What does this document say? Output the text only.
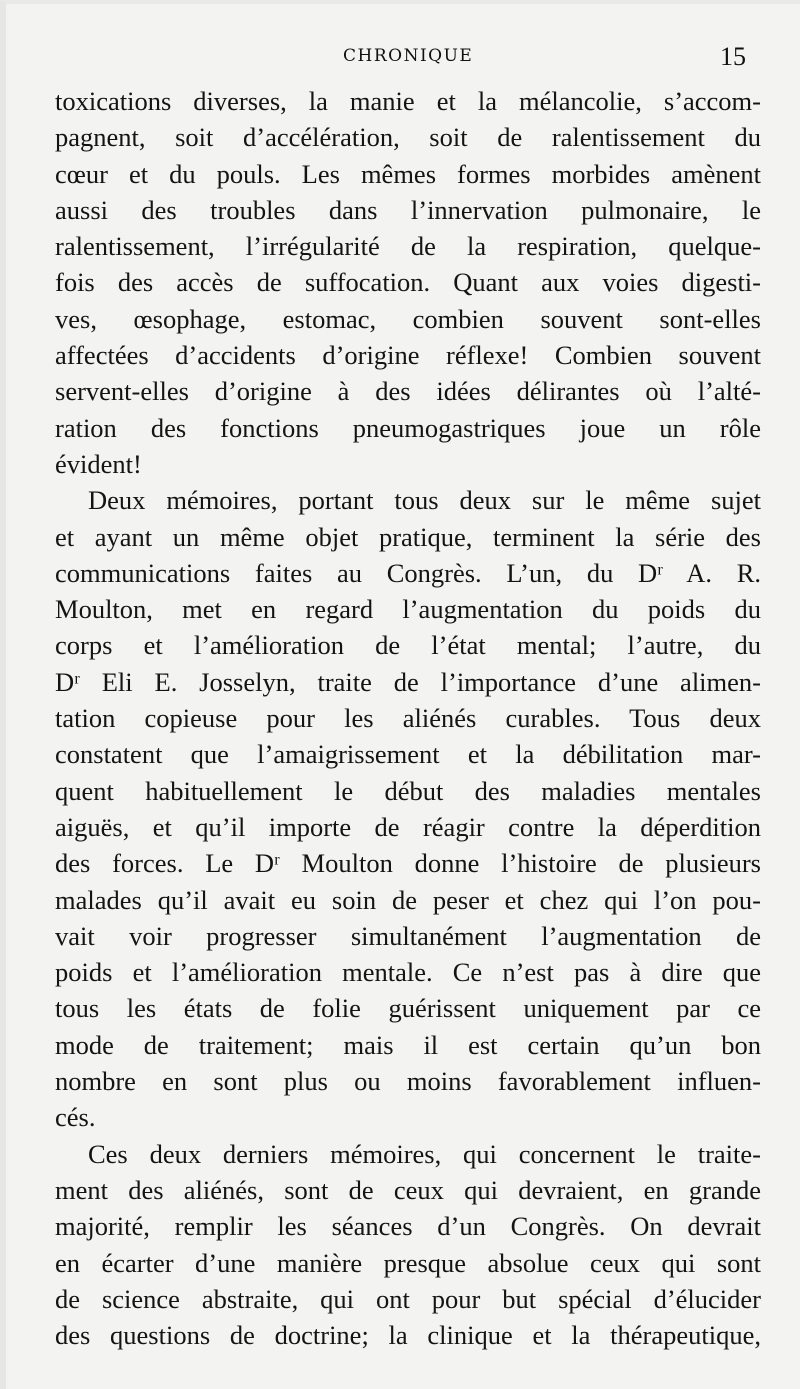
CHRONIQUE	15
toxications diverses, la manie et la mélancolie, s’accom-
pagnent, soit d’accélération, soit de ralentissement du
cœur et du pouls. Les mêmes formes morbides amènent
aussi des troubles dans l’innervation pulmonaire, le
ralentissement, l’irrégularité de la respiration, quelque-
fois des accès de suffocation. Quant aux voies digesti-
ves, œsophage, estomac, combien souvent sont-elles
affectées d’accidents d’origine réflexe! Combien souvent
servent-elles d’origine à des idées délirantes où l’alté-
ration des fonctions pneumogastriques joue un rôle
évident!
Deux mémoires, portant tous deux sur le même sujet
et ayant un même objet pratique, terminent la série des
communications faites au Congrès. L’un, du Dʳ A. R.
Moulton, met en regard l’augmentation du poids du
corps et l’amélioration de l’état mental; l’autre, du
Dʳ Eli E. Josselyn, traite de l’importance d’une alimen-
tation copieuse pour les aliénés curables. Tous deux
constatent que l’amaigrissement et la débilitation mar-
quent habituellement le début des maladies mentales
aiguës, et qu’il importe de réagir contre la déperdition
des forces. Le Dʳ Moulton donne l’histoire de plusieurs
malades qu’il avait eu soin de peser et chez qui l’on pou-
vait voir progresser simultanément l’augmentation de
poids et l’amélioration mentale. Ce n’est pas à dire que
tous les états de folie guérissent uniquement par ce
mode de traitement; mais il est certain qu’un bon
nombre en sont plus ou moins favorablement influen-
cés.
Ces deux derniers mémoires, qui concernent le traite-
ment des aliénés, sont de ceux qui devraient, en grande
majorité, remplir les séances d’un Congrès. On devrait
en écarter d’une manière presque absolue ceux qui sont
de science abstraite, qui ont pour but spécial d’élucider
des questions de doctrine; la clinique et la thérapeutique,
